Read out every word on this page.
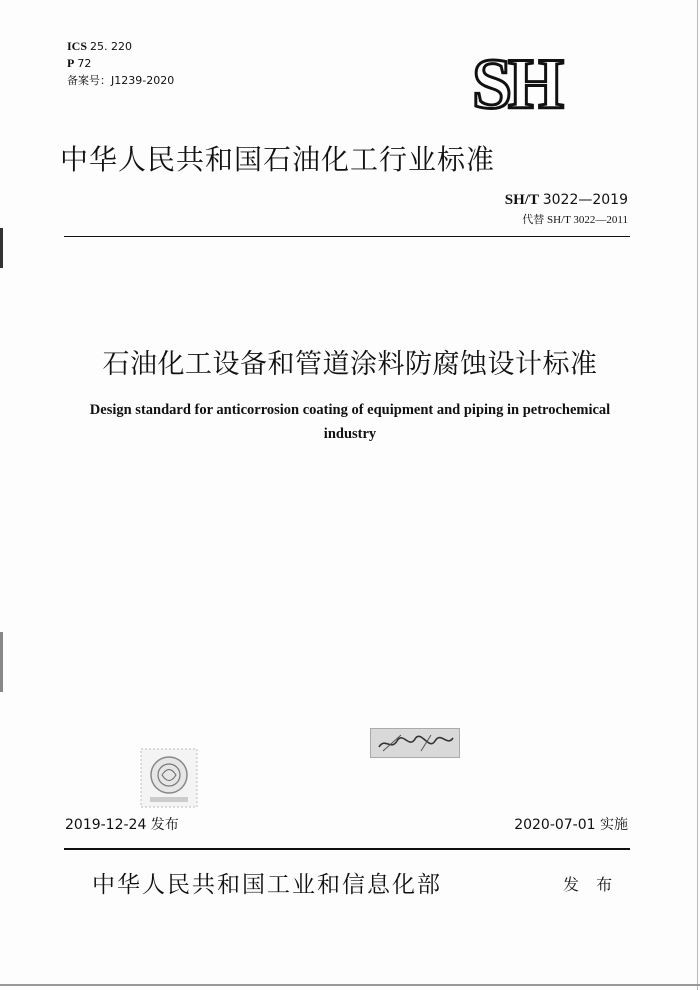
ICS 25. 220
P 72
备案号：J1239-2020	SH
中华人民共和国石油化工行业标准
SH/T 3022—2019
代替 SH/T 3022—2011
石油化工设备和管道涂料防腐蚀设计标准
Design standard for anticorrosion coating of equipment and piping in petrochemical industry
2019-12-24 发布	2020-07-01 实施
中华人民共和国工业和信息化部	发 布
